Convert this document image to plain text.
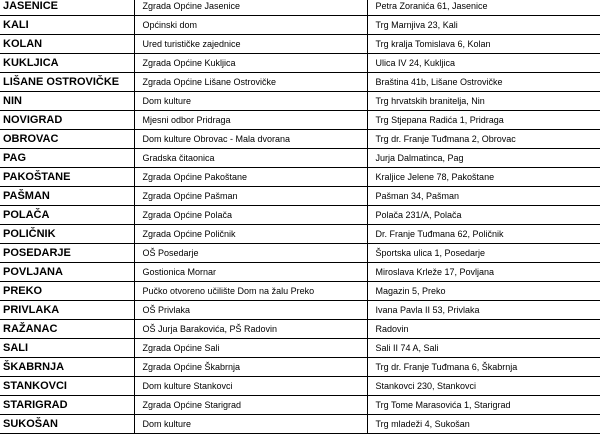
JASENICE	Zgrada Općine Jasenice	Petra Zoranića 61, Jasenice
KALI	Općinski dom	Trg Marnjiva 23, Kali
KOLAN	Ured turističke zajednice	Trg kralja Tomislava 6, Kolan
KUKLJICA	Zgrada Općine Kukljica	Ulica IV 24, Kukljica
LIŠANE OSTROVIČKE	Zgrada Općine Lišane Ostrovičke	Braština 41b, Lišane Ostrovičke
NIN	Dom kulture	Trg hrvatskih branitelja, Nin
NOVIGRAD	Mjesni odbor Pridraga	Trg Stjepana Radića 1, Pridraga
OBROVAC	Dom kulture Obrovac - Mala dvorana	Trg dr. Franje Tuđmana 2, Obrovac
PAG	Gradska čitaonica	Jurja Dalmatinca, Pag
PAKOŠTANE	Zgrada Općine Pakoštane	Kraljice Jelene 78, Pakoštane
PAŠMAN	Zgrada Općine Pašman	Pašman 34, Pašman
POLAČA	Zgrada Općine Polača	Polača 231/A, Polača
POLIČNIK	Zgrada Općine Poličnik	Dr. Franje Tuđmana 62, Poličnik
POSEDARJE	OŠ Posedarje	Športska ulica 1, Posedarje
POVLJANA	Gostionica Mornar	Miroslava Krleže 17, Povljana
PREKO	Pučko otvoreno učilište Dom na žalu Preko	Magazin 5, Preko
PRIVLAKA	OŠ Privlaka	Ivana Pavla II 53, Privlaka
RAŽANAC	OŠ Jurja Barakovića, PŠ Radovin	Radovin
SALI	Zgrada Općine Sali	Sali II 74 A, Sali
ŠKABRNJA	Zgrada Općine Škabrnja	Trg dr. Franje Tuđmana 6, Škabrnja
STANKOVCI	Dom kulture Stankovci	Stankovci 230, Stankovci
STARIGRAD	Zgrada Općine Starigrad	Trg Tome Marasovića 1, Starigrad
SUKOŠAN	Dom kulture	Trg mladeži 4, Sukošan
